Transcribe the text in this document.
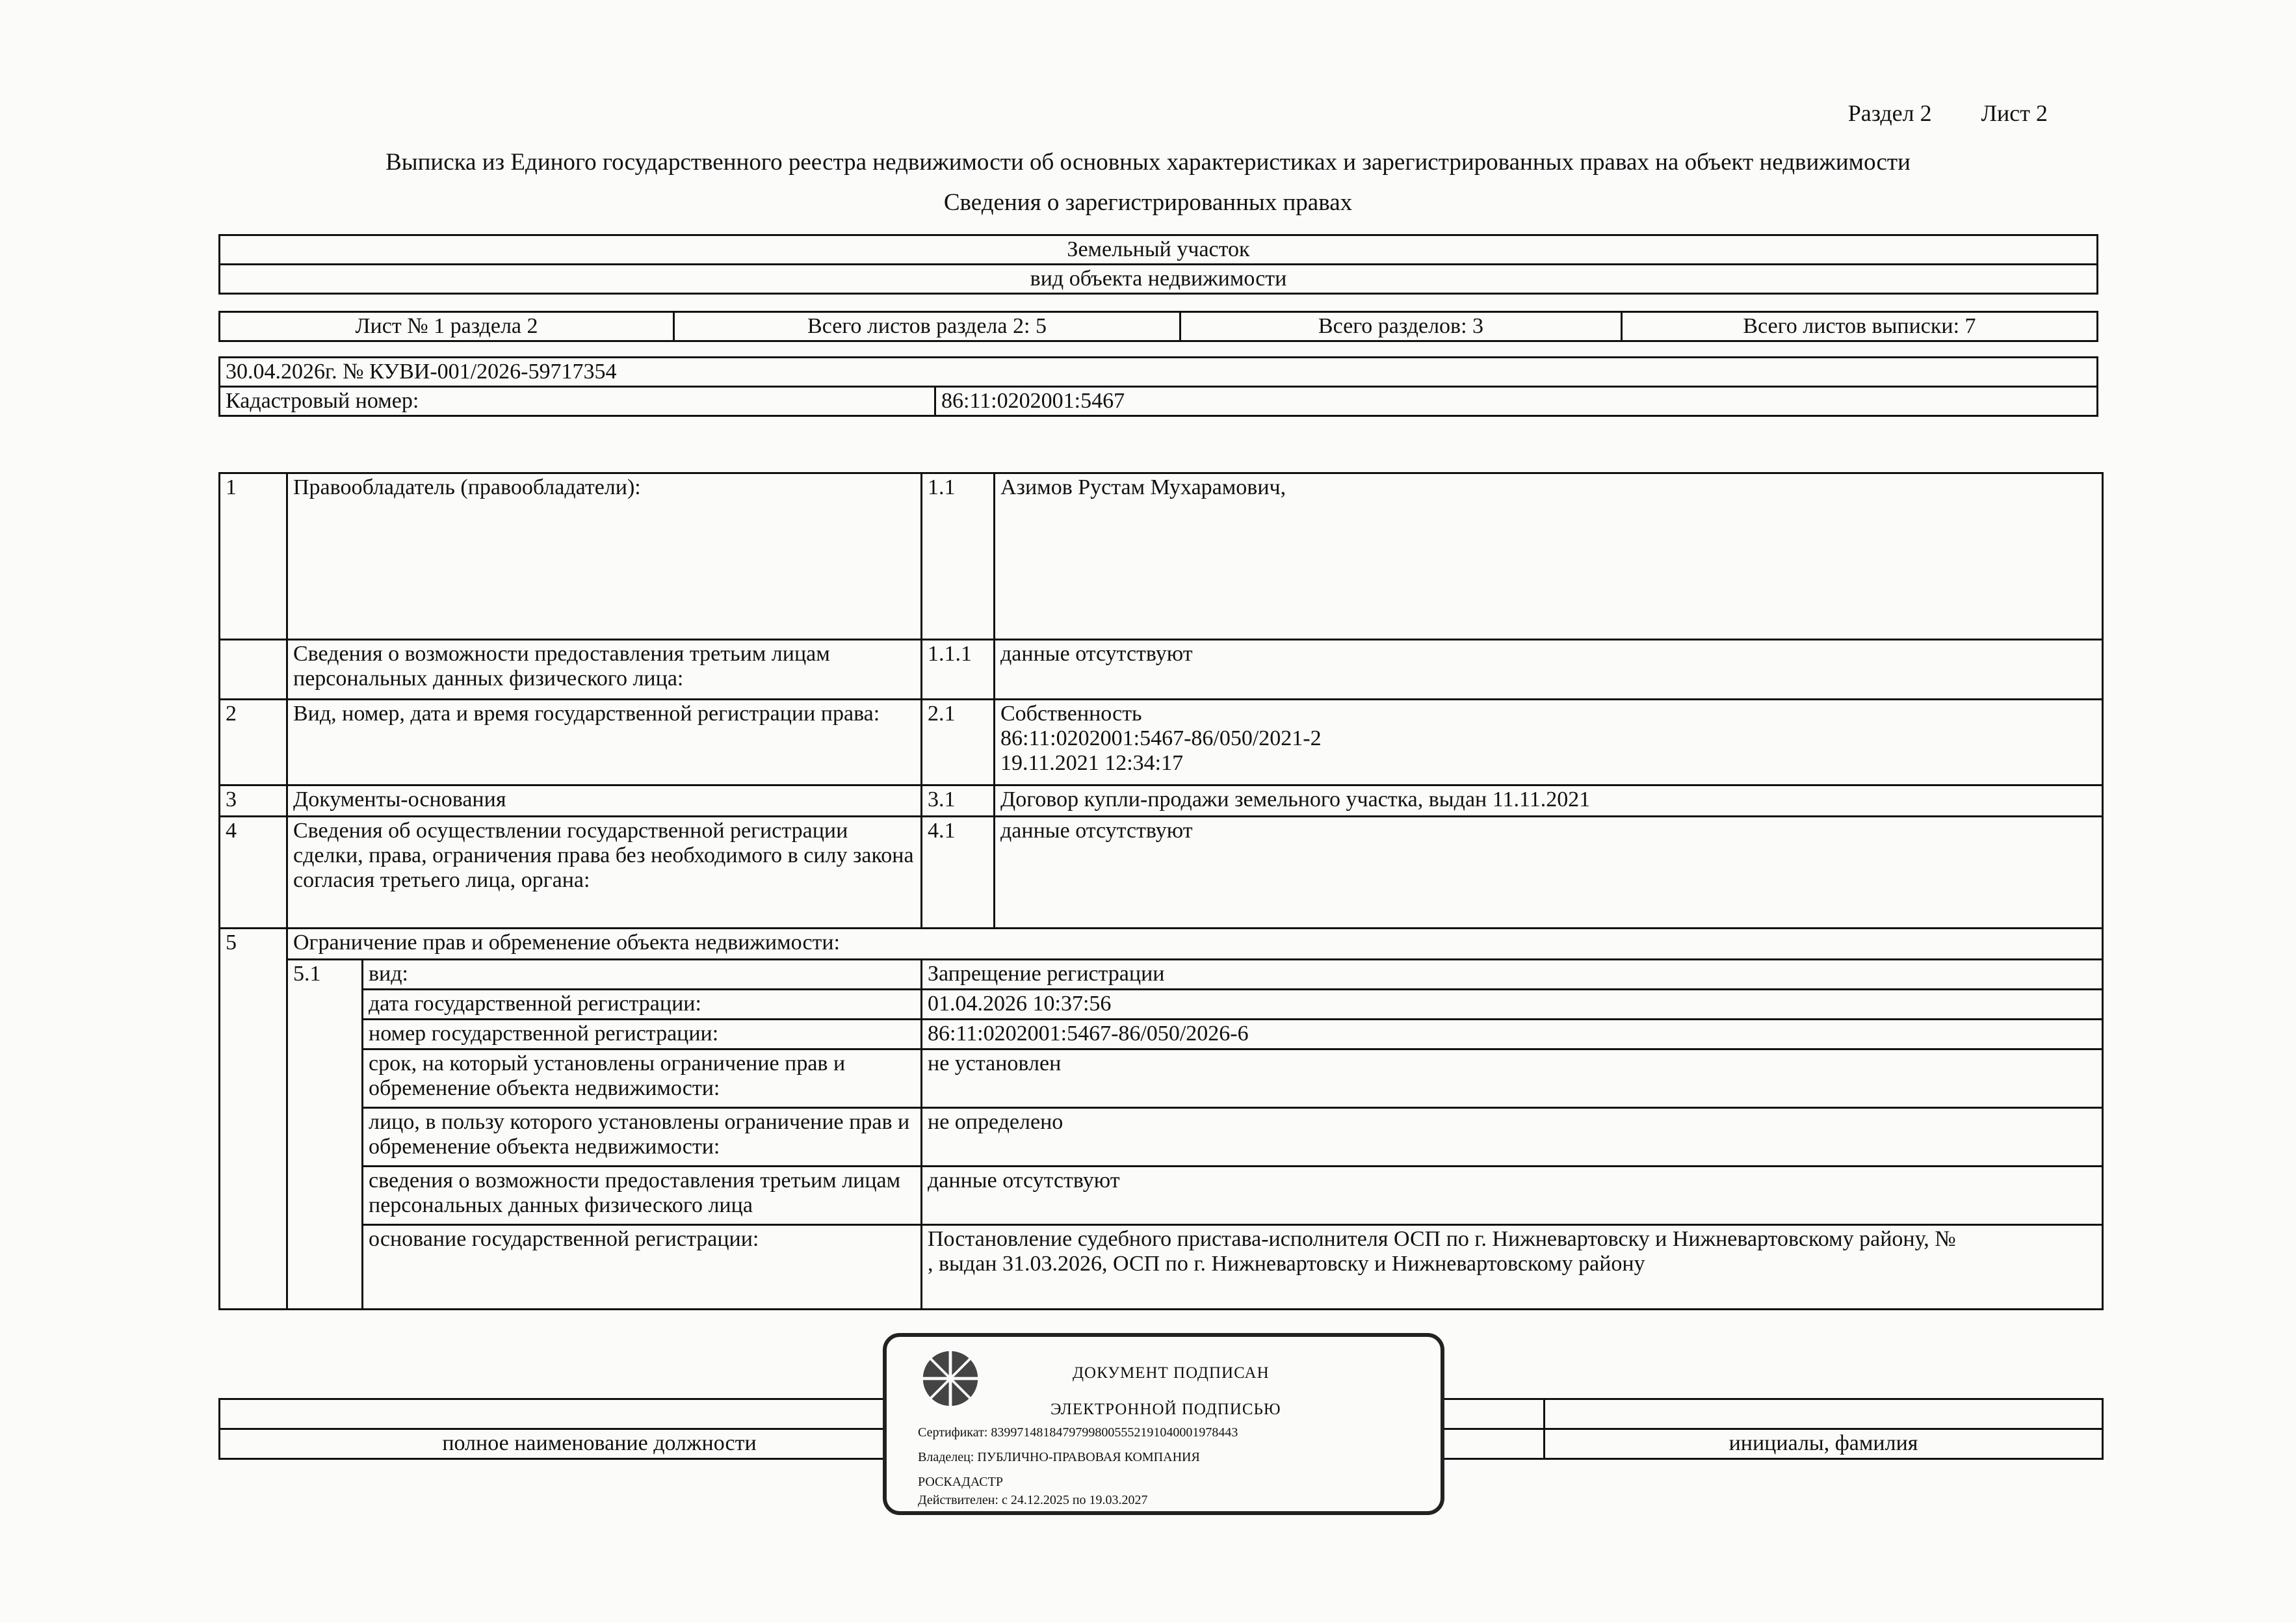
Раздел 2 Лист 2
Выписка из Единого государственного реестра недвижимости об основных характеристиках и зарегистрированных правах на объект недвижимости
Сведения о зарегистрированных правах
Земельный участок
вид объекта недвижимости
Лист № 1 раздела 2	Всего листов раздела 2: 5	Всего разделов: 3	Всего листов выписки: 7
30.04.2026г. № КУВИ-001/2026-59717354
Кадастровый номер:	86:11:0202001:5467
1	Правообладатель (правообладатели):		1.1	Азимов Рустам Мухарамович,
	Сведения о возможности предоставления третьим лицам персональных данных физического лица:		1.1.1	данные отсутствуют
2	Вид, номер, дата и время государственной регистрации права:		2.1	Собственность
86:11:0202001:5467-86/050/2021-2
19.11.2021 12:34:17

3	Документы-основания		3.1	Договор купли-продажи земельного участка, выдан 11.11.2021
4	Сведения об осуществлении государственной регистрации сделки, права, ограничения права без необходимого в силу закона согласия третьего лица, органа:		4.1	данные отсутствуют
5	Ограничение прав и обременение объекта недвижимости:			
	5.1	вид:	Запрещение регистрации	
		дата государственной регистрации:	01.04.2026 10:37:56	
		номер государственной регистрации:	86:11:0202001:5467-86/050/2026-6	
		срок, на который установлены ограничение прав и обременение объекта недвижимости:	не установлен	
		лицо, в пользу которого установлены ограничение прав и обременение объекта недвижимости:	не определено	
		сведения о возможности предоставления третьим лицам персональных данных физического лица	данные отсутствуют	
		основание государственной регистрации:	Постановление судебного пристава-исполнителя ОСП по г. Нижневартовску и Нижневартовскому району, №                                              , выдан 31.03.2026, ОСП по г. Нижневартовску и Нижневартовскому району	

полное наименование должности		инициалы, фамилия
ДОКУМЕНТ ПОДПИСАН
ЭЛЕКТРОННОЙ ПОДПИСЬЮ
Сертификат: 83997148184797998005552191040001978443
Владелец: ПУБЛИЧНО-ПРАВОВАЯ КОМПАНИЯ
РОСКАДАСТР
Действителен: с 24.12.2025 по 19.03.2027
